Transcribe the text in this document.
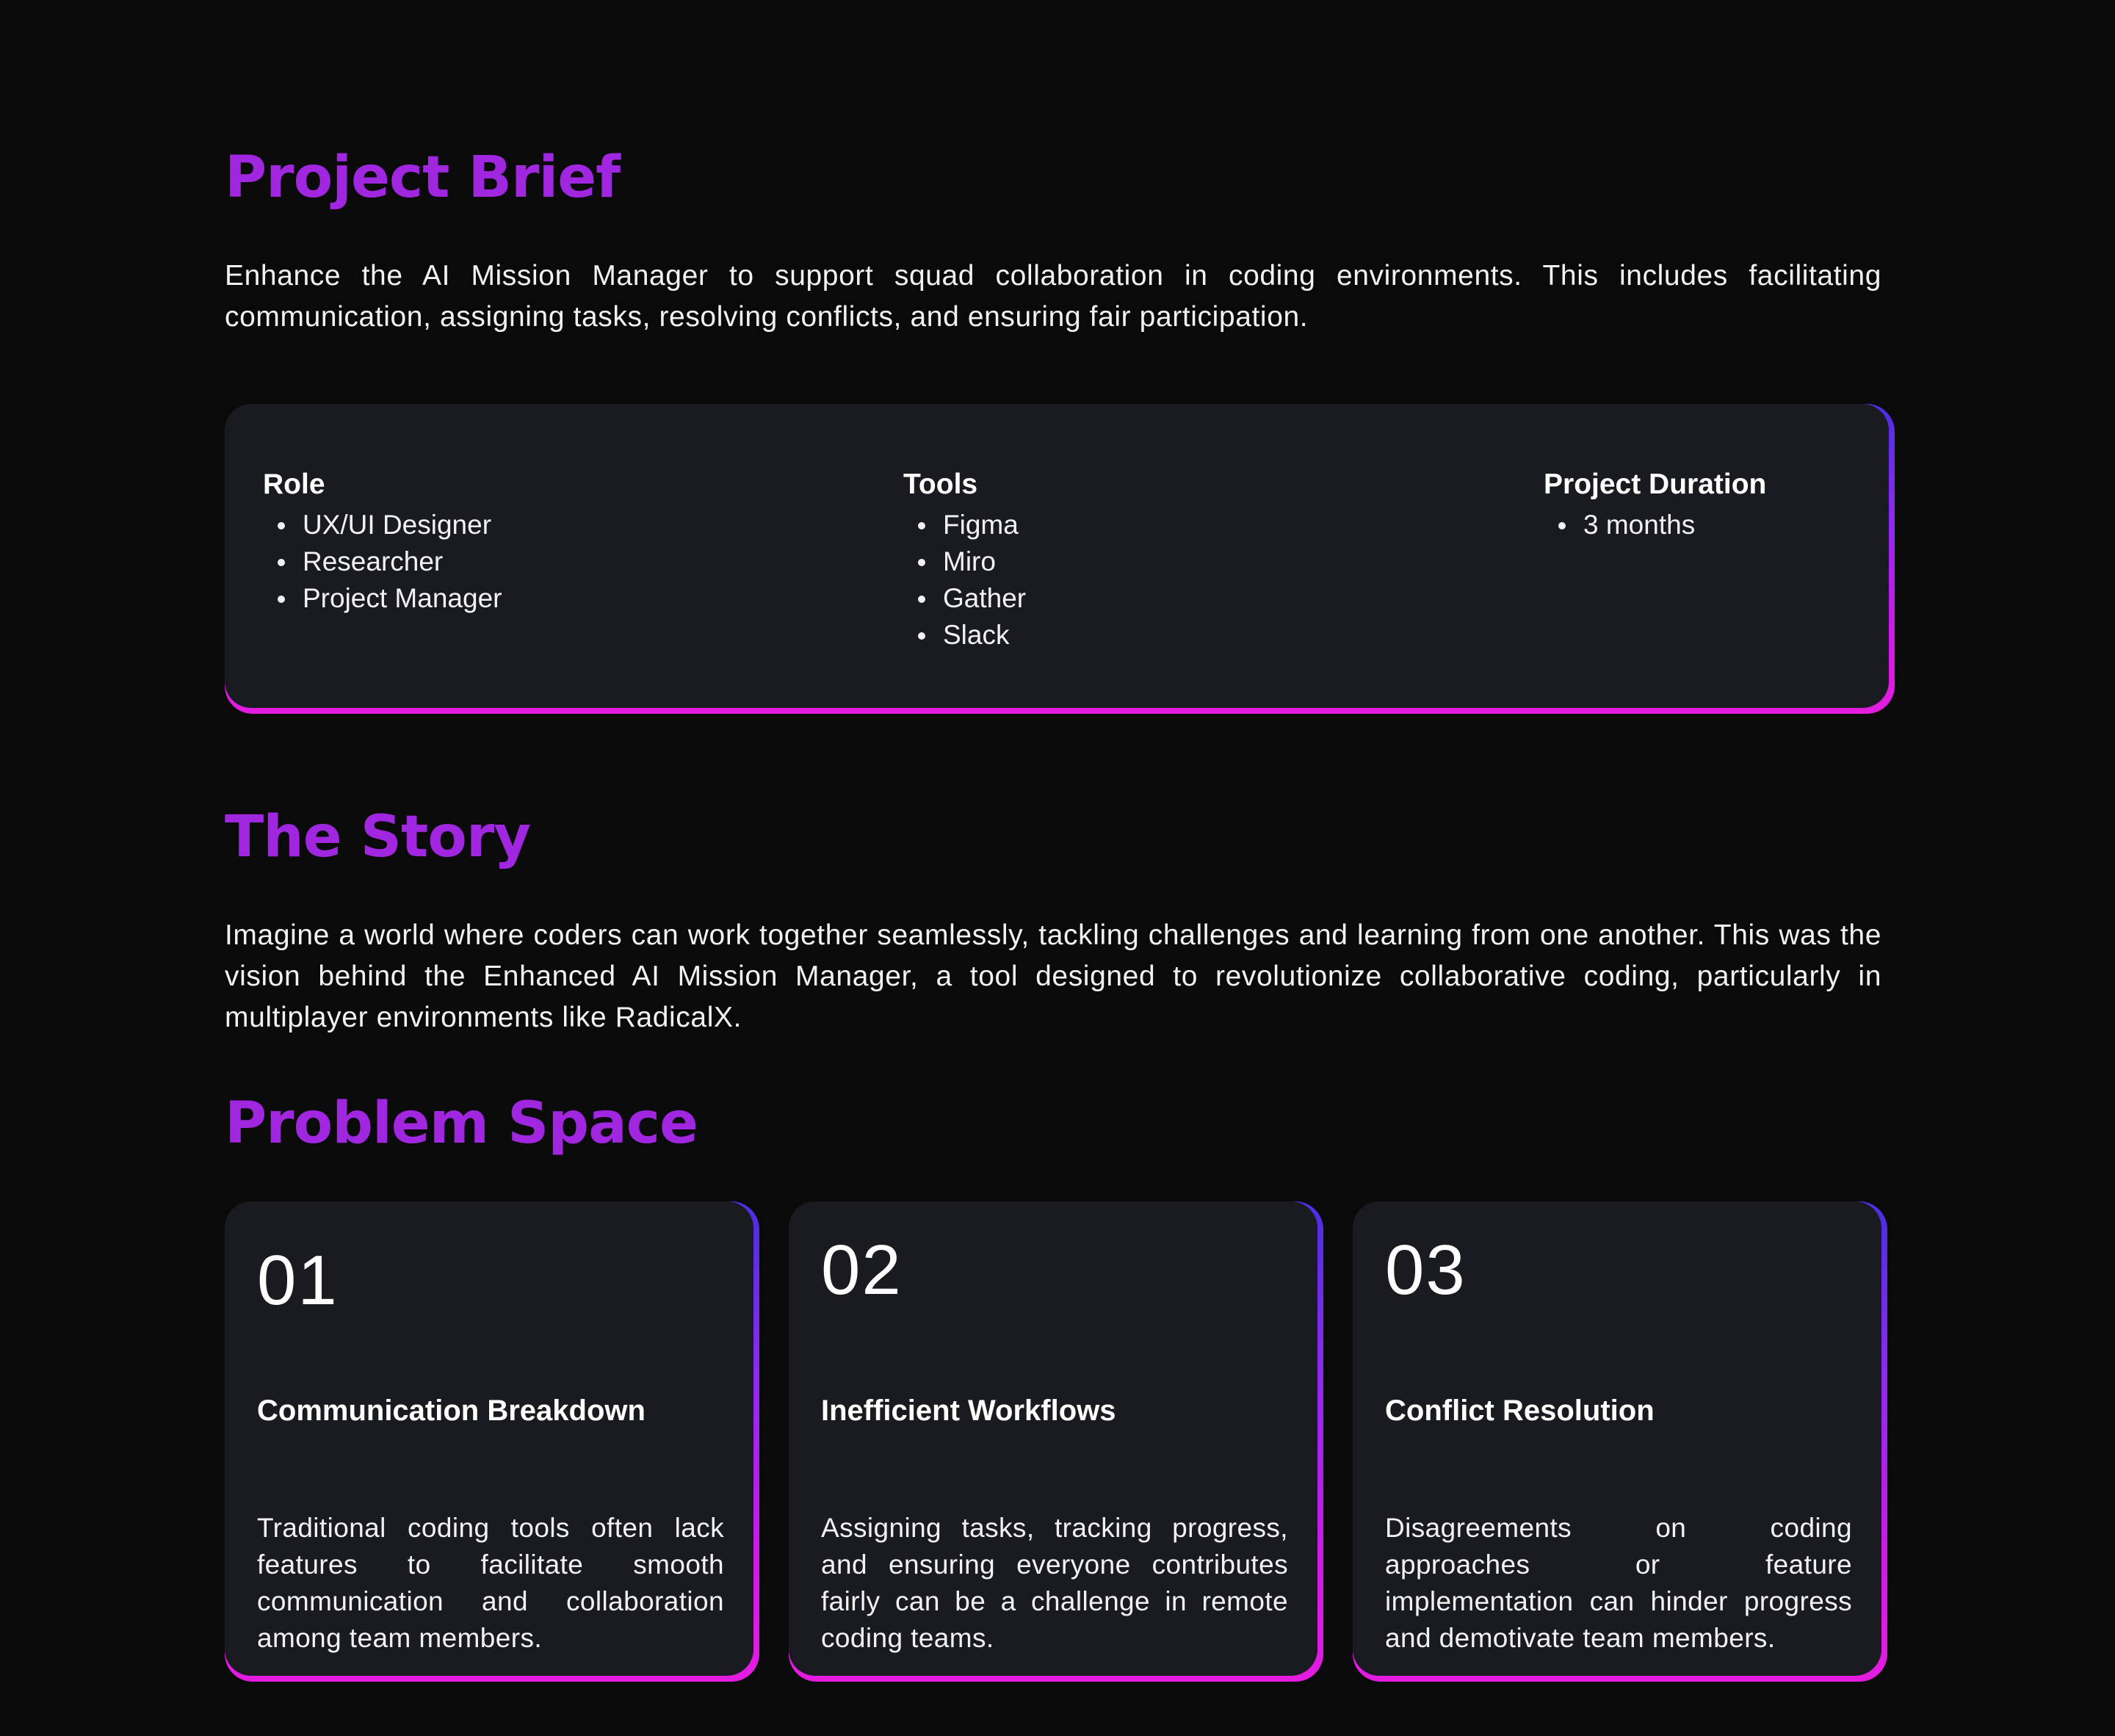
Project Brief

Enhance the AI Mission Manager to support squad collaboration in coding environments. This includes facilitating communication, assigning tasks, resolving conflicts, and ensuring fair participation.

Role
UX/UI Designer
Researcher
Project Manager
Tools
Figma
Miro
Gather
Slack
Project Duration
3 months
The Story

Imagine a world where coders can work together seamlessly, tackling challenges and learning from one another. This was the vision behind the Enhanced AI Mission Manager, a tool designed to revolutionize collaborative coding, particularly in multiplayer environments like RadicalX.

Problem Space
01
Communication Breakdown

Traditional coding tools often lack features to facilitate smooth communication and collaboration among team members.

02
Inefficient Workflows

Assigning tasks, tracking progress, and ensuring everyone contributes fairly can be a challenge in remote coding teams.

03
Conflict Resolution

Disagreements on coding approaches or feature implementation can hinder progress and demotivate team members.
